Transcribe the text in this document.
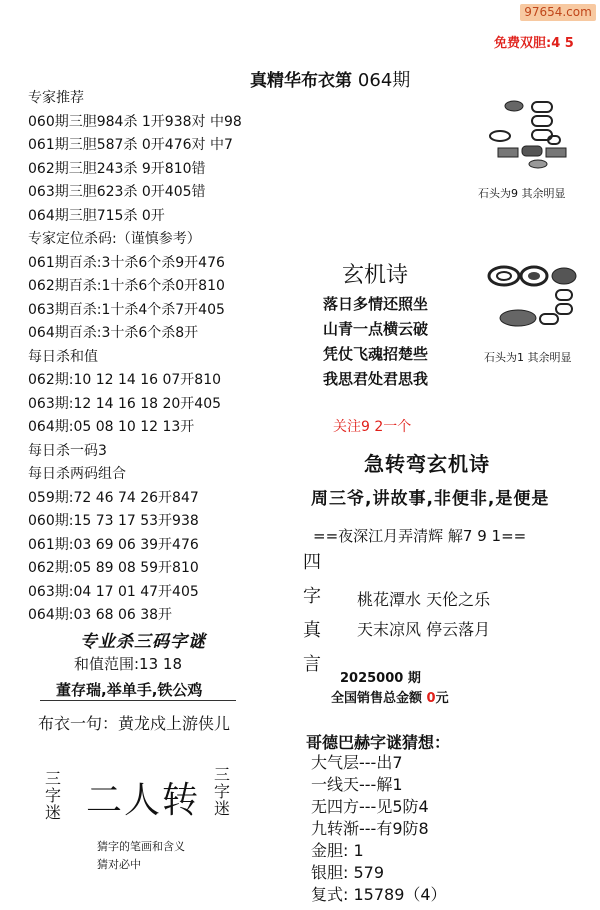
97654.com
免费双胆:4 5
真精华布衣第 064期
专家推荐
060期三胆984杀 1开938对 中98
061期三胆587杀 0开476对 中7
062期三胆243杀 9开810错
063期三胆623杀 0开405错
064期三胆715杀 0开
专家定位杀码:（谨慎参考）
061期百杀:3十杀6个杀9开476
062期百杀:1十杀6个杀0开810
063期百杀:1十杀4个杀7开405
064期百杀:3十杀6个杀8开
每日杀和值
062期:10 12 14 16 07开810
063期:12 14 16 18 20开405
064期:05 08 10 12 13开
每日杀一码3
每日杀两码组合
059期:72 46 74 26开847
060期:15 73 17 53开938
061期:03 69 06 39开476
062期:05 89 08 59开810
063期:04 17 01 47开405
064期:03 68 06 38开
专业杀三码字谜
和值范围:13 18
董存瑞,举单手,铁公鸡
布衣一句：黄龙戍上游侠儿
三字迷
三字迷
二人转
猜字的笔画和含义
猜对必中
石头为9 其余明显
石头为1 其余明显
玄机诗
落日多情还照坐
山青一点横云破
凭仗飞魂招楚些
我思君处君思我
关注9 2一个
急转弯玄机诗
周三爷,讲故事,非便非,是便是
==夜深江月弄清辉 解7 9 1==
四
字
真
言
桃花潭水 天伦之乐
天末凉风 停云落月
2025000 期
全国销售总金额 0元
哥德巴赫字谜猜想：
大气层---出7
一线天---解1
无四方---见5防4
九转渐---有9防8
金胆: 1
银胆: 579
复式: 15789（4）
